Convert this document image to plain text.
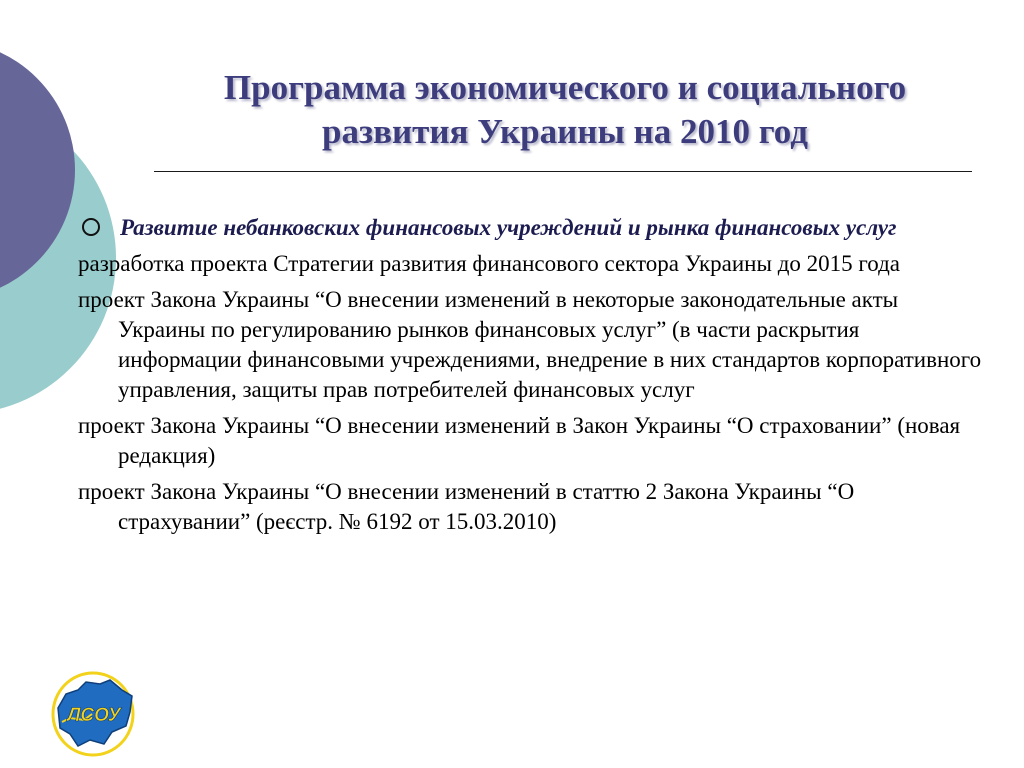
Программа экономического и социального развития Украины на 2010 год
Развитие небанковских финансовых учреждений и рынка финансовых услуг
разработка проекта Стратегии развития финансового сектора Украины до 2015 года
проект Закона Украины “О внесении изменений в некоторые законодательные акты Украины по регулированию рынков финансовых услуг” (в части раскрытия информации финансовыми учреждениями, внедрение в них стандартов корпоративного управления, защиты прав потребителей финансовых услуг
проект Закона Украины “О внесении изменений в Закон Украины “О страховании” (новая редакция)
проект Закона Украины “О внесении изменений в статтю 2 Закона Украины “О страхувании” (реєстр. № 6192 от 15.03.2010)
ЛСОУ
